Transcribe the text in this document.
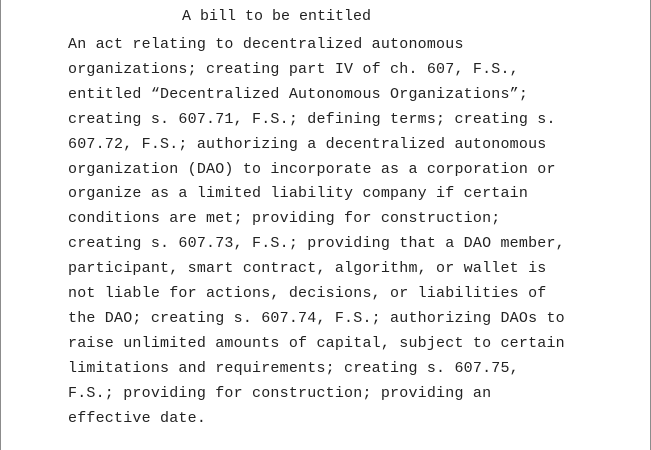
A bill to be entitled
An act relating to decentralized autonomous
organizations; creating part IV of ch. 607, F.S.,
entitled “Decentralized Autonomous Organizations”;
creating s. 607.71, F.S.; defining terms; creating s.
607.72, F.S.; authorizing a decentralized autonomous
organization (DAO) to incorporate as a corporation or
organize as a limited liability company if certain
conditions are met; providing for construction;
creating s. 607.73, F.S.; providing that a DAO member,
participant, smart contract, algorithm, or wallet is
not liable for actions, decisions, or liabilities of
the DAO; creating s. 607.74, F.S.; authorizing DAOs to
raise unlimited amounts of capital, subject to certain
limitations and requirements; creating s. 607.75,
F.S.; providing for construction; providing an
effective date.
